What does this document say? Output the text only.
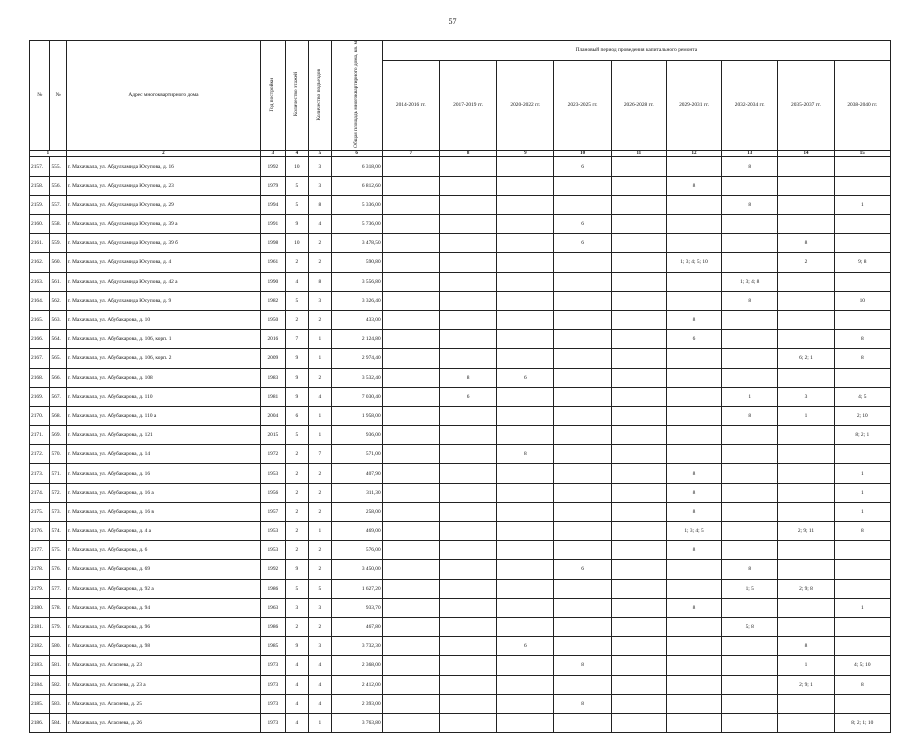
57
№	№	Адрес многоквартирного дома	Год постройки	Количество этажей	Количество подъездов	Общая площадь многоквартирного дома, кв. м	Плановый период проведения капитального ремонта								
							2014-2016 гг.	2017-2019 гг.	2020-2022 гг.	2023-2025 гг.	2026-2028 гг.	2029-2031 гг.	2032-2034 гг.	2035-2037 гг.	2038-2040 гг.
1		2	3	4	5	6	7	8	9	10	11	12	13	14	15
2157.	555.	г. Махачкала, ул. Абдулхамида Юсупова, д. 16	1992	10	3	6 318,00				6			8		
2158.	556.	г. Махачкала, ул. Абдулхамида Юсупова, д. 23	1979	5	3	6 812,60						8			
2159.	557.	г. Махачкала, ул. Абдулхамида Юсупова, д. 29	1994	5	8	5 336,00							8		1
2160.	558.	г. Махачкала, ул. Абдулхамида Юсупова, д. 39 а	1991	9	4	5 736,00				6					
2161.	559.	г. Махачкала, ул. Абдулхамида Юсупова, д. 39 б	1998	10	2	3 478,50				6				8	
2162.	560.	г. Махачкала, ул. Абдулхамида Юсупова, д. 4	1961	2	2	590,80						1; 3; 4; 5; 10		2	9; 8
2163.	561.	г. Махачкала, ул. Абдулхамида Юсупова, д. 42 а	1990	4	8	3 556,80							1; 3; 4; 8		
2164.	562.	г. Махачкала, ул. Абдулхамида Юсупова, д. 9	1982	5	3	3 326,40							8		10
2165.	563.	г. Махачкала, ул. Абубакарова, д. 10	1950	2	2	433,00						8			
2166.	564.	г. Махачкала, ул. Абубакарова, д. 106, корп. 1	2016	7	1	2 124,80						6			8
2167.	565.	г. Махачкала, ул. Абубакарова, д. 106, корп. 2	2009	9	1	2 974,40								6; 2; 1	8
2168.	566.	г. Махачкала, ул. Абубакарова, д. 108	1983	9	2	3 532,40		8	6						
2169.	567.	г. Махачкала, ул. Абубакарова, д. 110	1981	9	4	7 030,40		6					1	3	4; 5
2170.	568.	г. Махачкала, ул. Абубакарова, д. 110 а	2004	6	1	1 958,00							8	1	2; 10
2171.	569.	г. Махачкала, ул. Абубакарова, д. 121	2015	5	1	936,00									8; 2; 1
2172.	570.	г. Махачкала, ул. Абубакарова, д. 14	1972	2	7	571,00			8						
2173.	571.	г. Махачкала, ул. Абубакарова, д. 16	1953	2	2	407,90						8			1
2174.	572.	г. Махачкала, ул. Абубакарова, д. 16 а	1956	2	2	311,30						8			1
2175.	573.	г. Махачкала, ул. Абубакарова, д. 16 в	1957	2	2	258,00						8			1
2176.	574.	г. Махачкала, ул. Абубакарова, д. 4 а	1953	2	1	469,00						1; 3; 4; 5		2; 9; 11	8
2177.	575.	г. Махачкала, ул. Абубакарова, д. 6	1953	2	2	576,00						8			
2178.	576.	г. Махачкала, ул. Абубакарова, д. 69	1992	9	2	3 450,00				6			8		
2179.	577.	г. Махачкала, ул. Абубакарова, д. 92 а	1986	5	5	1 627,20							1; 5	2; 9; 8	
2180.	578.	г. Махачкала, ул. Абубакарова, д. 94	1963	3	3	933,70						8			1
2181.	579.	г. Махачкала, ул. Абубакарова, д. 96	1986	2	2	467,80							5; 8		
2182.	580.	г. Махачкала, ул. Абубакарова, д. 98	1985	9	3	3 732,30			6					8	
2183.	581.	г. Махачкала, ул. Агасиева, д. 23	1973	4	4	2 368,00				8				1	4; 5; 10
2184.	582.	г. Махачкала, ул. Агасиева, д. 23 а	1973	4	4	2 412,00								2; 9; 1	8
2185.	583.	г. Махачкала, ул. Агасиева, д. 25	1973	4	4	2 393,00				8					
2186.	584.	г. Махачкала, ул. Агасиева, д. 26	1973	4	1	3 763,80									8; 2; 1; 10
